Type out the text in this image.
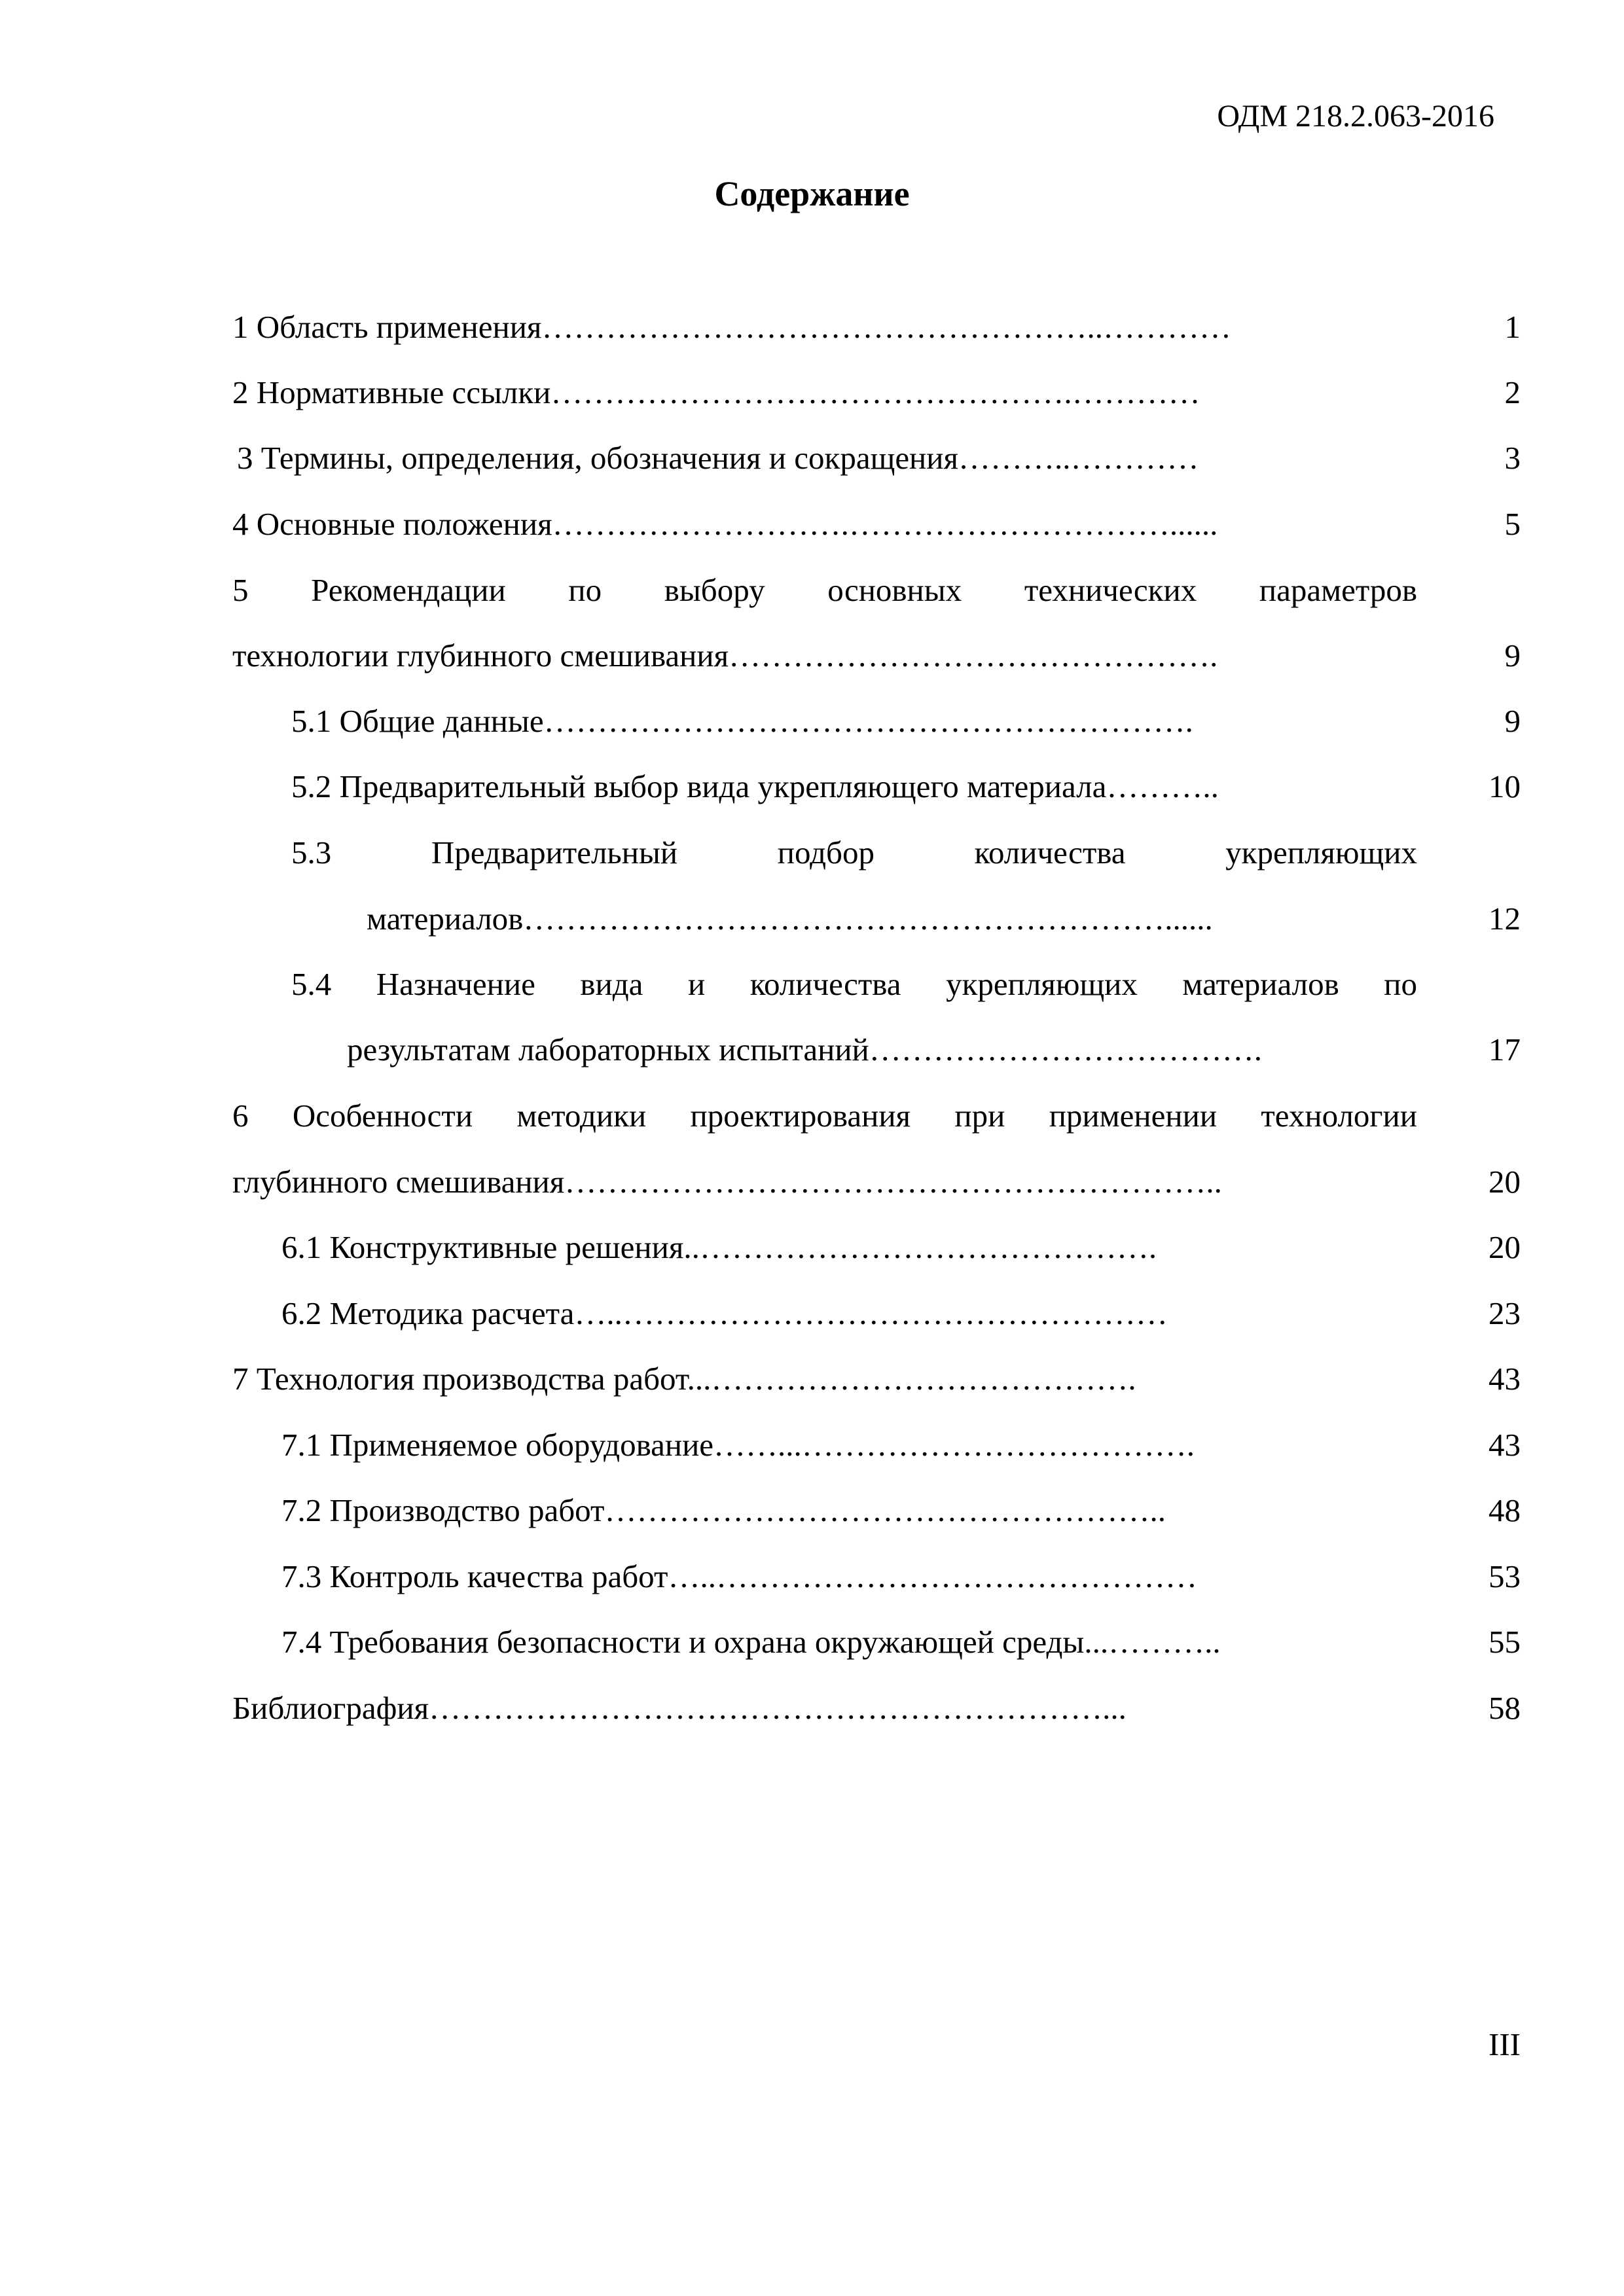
ОДМ 218.2.063-2016
Содержание
1 Область применения……………………………………………..…………	1
2 Нормативные ссылки………………………………………….…………	2
3 Термины, определения, обозначения и сокращения………..…………	3
4 Основные положения……………………….…………………………......	5
5 Рекомендации по выбору основных технических параметров
технологии глубинного смешивания……………………………………….	9
5.1 Общие данные…………………………………………………….	9
5.2 Предварительный выбор вида укрепляющего материала………..	10
5.3	Предварительный	подбор	количества	укрепляющих
материалов……………………………………………………......	12
5.4 Назначение вида и количества укрепляющих материалов по
результатам лабораторных испытаний……………………………….	17
6 Особенности методики проектирования при применении технологии
глубинного смешивания……………………………………………………..	20
6.1 Конструктивные решения..…………………………………….	20
6.2 Методика расчета…..……………………………………………	23
7 Технология производства работ...………………………………….	43
7.1 Применяемое оборудование……...……………………………….	43
7.2 Производство работ……………………………………………..	48
7.3 Контроль качества работ…..………………………………………	53
7.4 Требования безопасности и охрана окружающей среды...………..	55
Библиография………………………………………………………...	58
III
